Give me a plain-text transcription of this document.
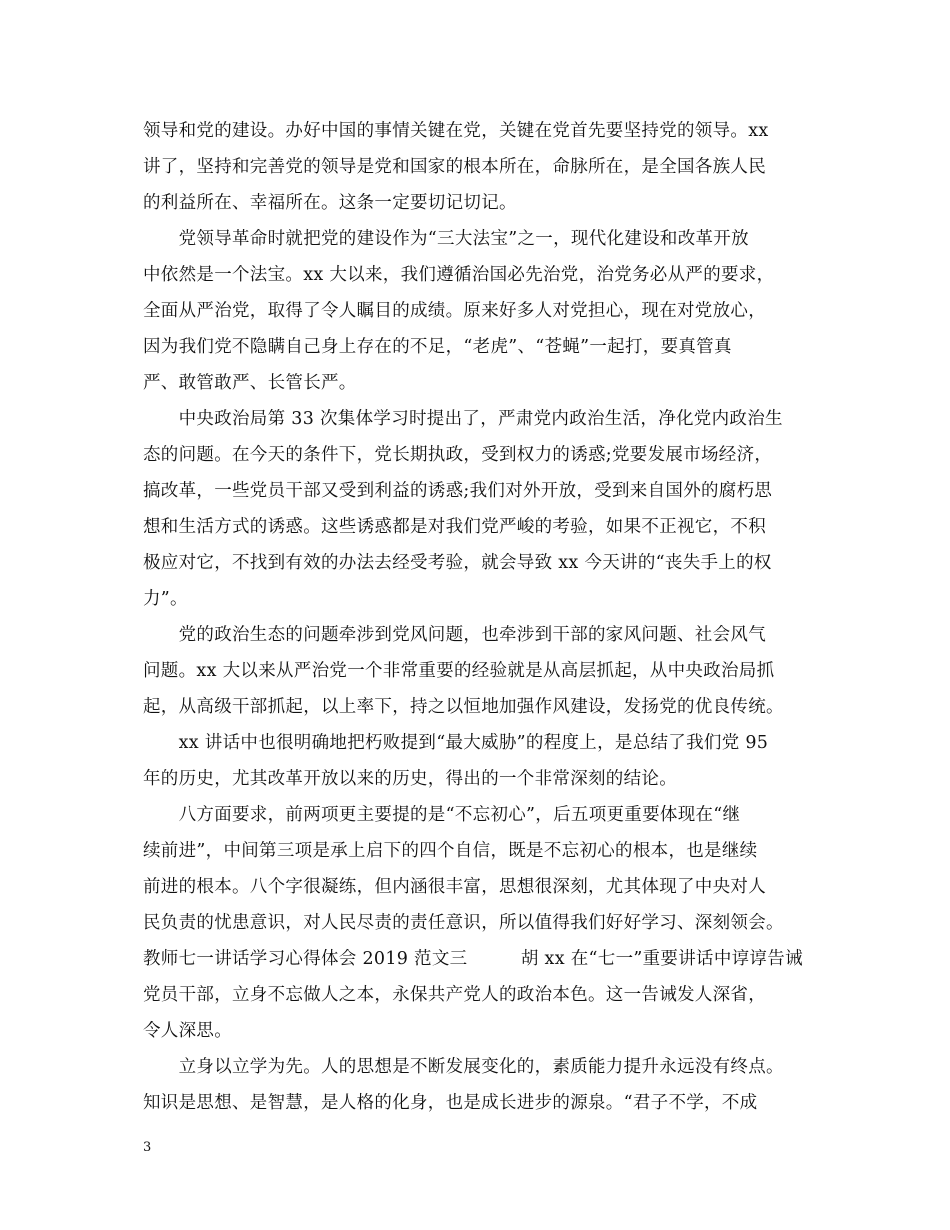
领导和党的建设。办好中国的事情关键在党，关键在党首先要坚持党的领导。xx
讲了，坚持和完善党的领导是党和国家的根本所在，命脉所在，是全国各族人民
的利益所在、幸福所在。这条一定要切记切记。
　　党领导革命时就把党的建设作为“三大法宝”之一，现代化建设和改革开放
中依然是一个法宝。xx 大以来，我们遵循治国必先治党，治党务必从严的要求，
全面从严治党，取得了令人瞩目的成绩。原来好多人对党担心，现在对党放心，
因为我们党不隐瞒自己身上存在的不足，“老虎”、“苍蝇”一起打，要真管真
严、敢管敢严、长管长严。
　　中央政治局第 33 次集体学习时提出了，严肃党内政治生活，净化党内政治生
态的问题。在今天的条件下，党长期执政，受到权力的诱惑;党要发展市场经济，
搞改革，一些党员干部又受到利益的诱惑;我们对外开放，受到来自国外的腐朽思
想和生活方式的诱惑。这些诱惑都是对我们党严峻的考验，如果不正视它，不积
极应对它，不找到有效的办法去经受考验，就会导致 xx 今天讲的“丧失手上的权
力”。
　　党的政治生态的问题牵涉到党风问题，也牵涉到干部的家风问题、社会风气
问题。xx 大以来从严治党一个非常重要的经验就是从高层抓起，从中央政治局抓
起，从高级干部抓起，以上率下，持之以恒地加强作风建设，发扬党的优良传统。
　　xx 讲话中也很明确地把朽败提到“最大威胁”的程度上，是总结了我们党 95
年的历史，尤其改革开放以来的历史，得出的一个非常深刻的结论。
　　八方面要求，前两项更主要提的是“不忘初心”，后五项更重要体现在“继
续前进”，中间第三项是承上启下的四个自信，既是不忘初心的根本，也是继续
前进的根本。八个字很凝练，但内涵很丰富，思想很深刻，尤其体现了中央对人
民负责的忧患意识，对人民尽责的责任意识，所以值得我们好好学习、深刻领会。
教师七一讲话学习心得体会 2019 范文三　　　胡 xx 在“七一”重要讲话中谆谆告诫
党员干部，立身不忘做人之本，永保共产党人的政治本色。这一告诫发人深省，
令人深思。
　　立身以立学为先。人的思想是不断发展变化的，素质能力提升永远没有终点。
知识是思想、是智慧，是人格的化身，也是成长进步的源泉。“君子不学，不成
3
